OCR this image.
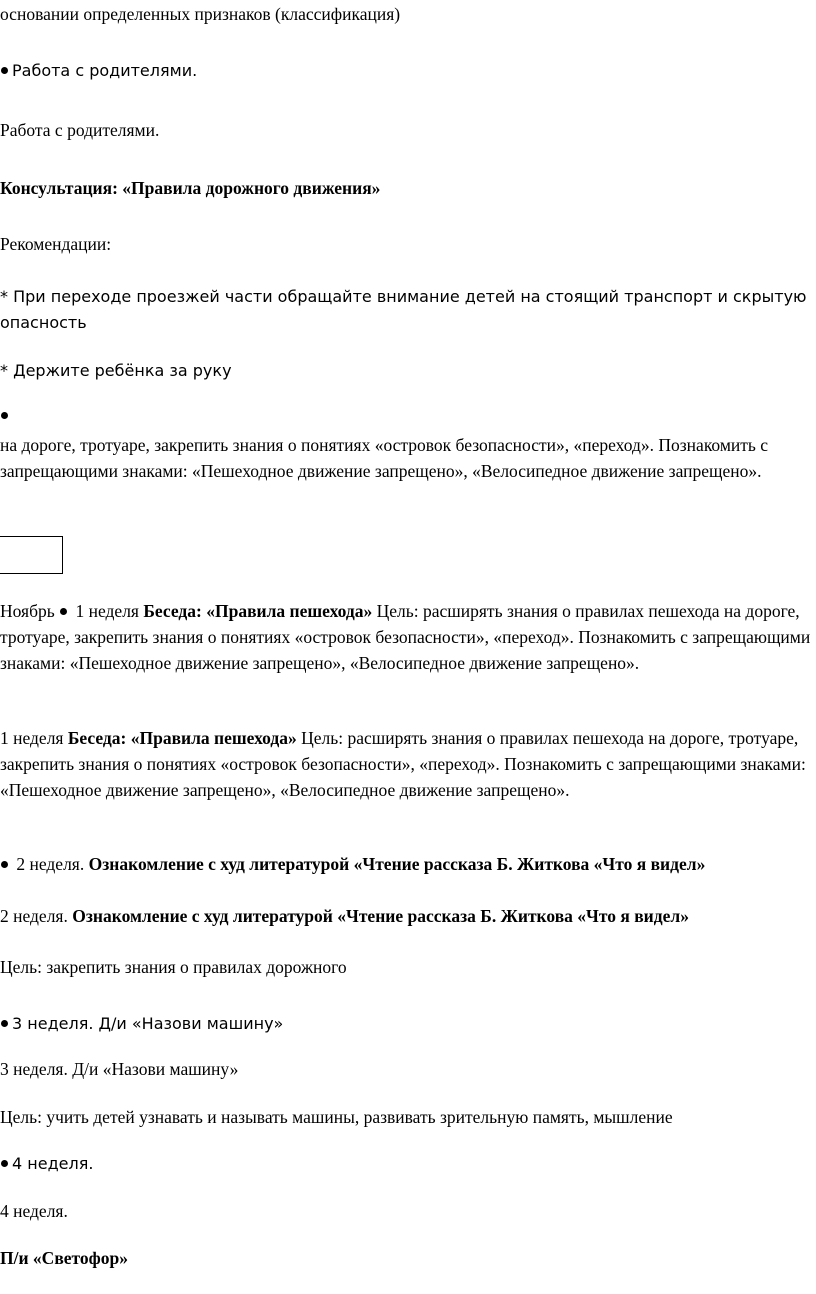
основании определенных признаков (классификация)

Работа с родителями.

Работа с родителями.

Консультация: «Правила дорожного движения»

Рекомендации:

* При переходе проезжей части обращайте внимание детей на стоящий транспорт и скрытую опасность

* Держите ребёнка за руку

на дороге, тротуаре, закрепить знания о понятиях «островок безопасности», «переход». Познакомить с запрещающими знаками: «Пешеходное движение запрещено», «Велосипедное движение запрещено».

Ноябрь 1 неделя Беседа: «Правила пешехода» Цель: расширять знания о правилах пешехода на дороге, тротуаре, закрепить знания о понятиях «островок безопасности», «переход». Познакомить с запрещающими знаками: «Пешеходное движение запрещено», «Велосипедное движение запрещено».

1 неделя Беседа: «Правила пешехода» Цель: расширять знания о правилах пешехода на дороге, тротуаре, закрепить знания о понятиях «островок безопасности», «переход». Познакомить с запрещающими знаками: «Пешеходное движение запрещено», «Велосипедное движение запрещено».

2 неделя. Ознакомление с худ литературой «Чтение рассказа Б. Житкова «Что я видел»

2 неделя. Ознакомление с худ литературой «Чтение рассказа Б. Житкова «Что я видел»

Цель: закрепить знания о правилах дорожного

3 неделя. Д/и «Назови машину»

3 неделя. Д/и «Назови машину»

Цель: учить детей узнавать и называть машины, развивать зрительную память, мышление

4 неделя.

4 неделя.

П/и «Светофор»
